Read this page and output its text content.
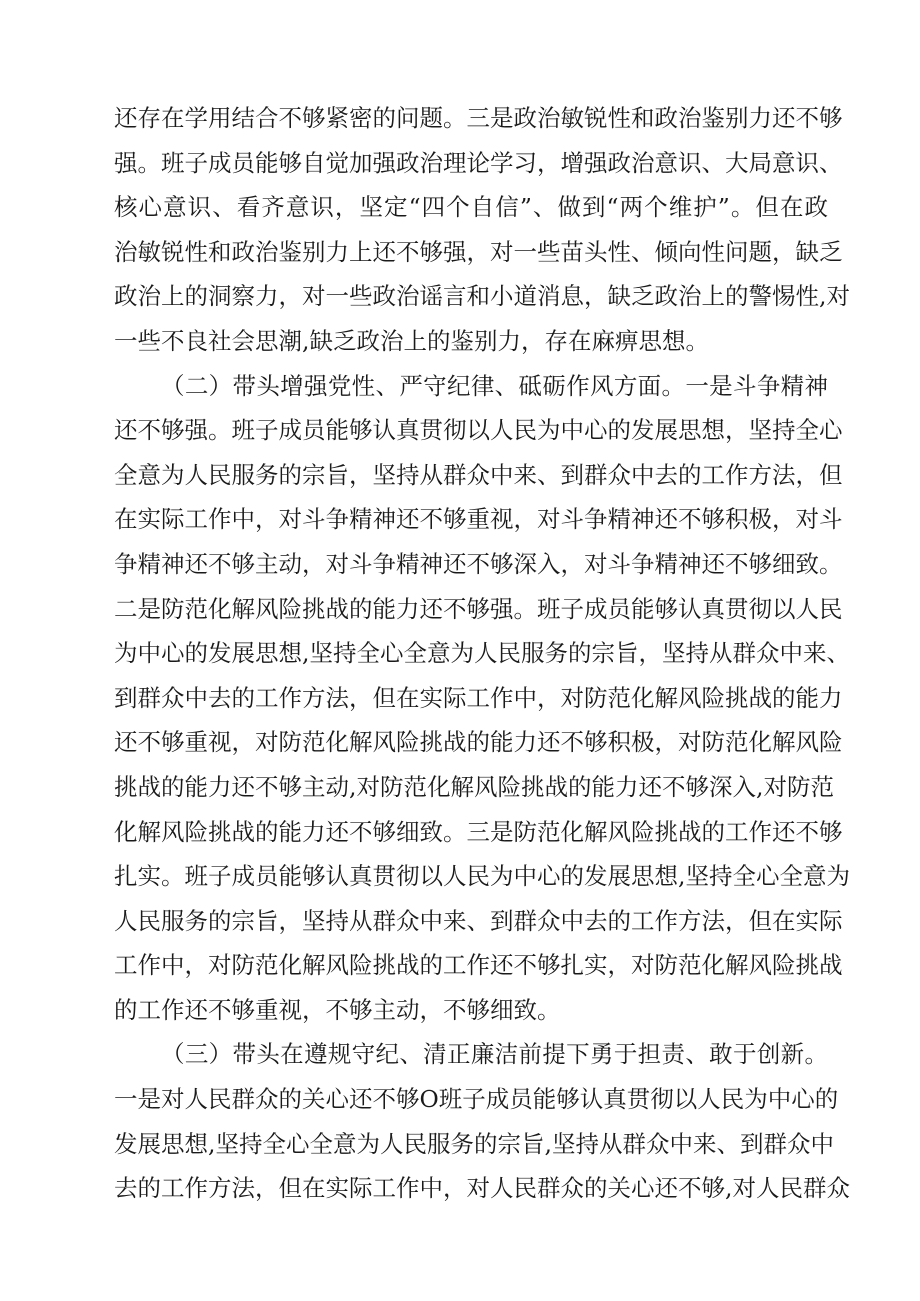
还存在学用结合不够紧密的问题。三是政治敏锐性和政治鉴别力还不够
强。班子成员能够自觉加强政治理论学习，增强政治意识、大局意识、
核心意识、看齐意识，坚定“四个自信”、做到“两个维护”。但在政
治敏锐性和政治鉴别力上还不够强，对一些苗头性、倾向性问题，缺乏
政治上的洞察力，对一些政治谣言和小道消息，缺乏政治上的警惕性,对
一些不良社会思潮,缺乏政治上的鉴别力，存在麻痹思想。
（二）带头增强党性、严守纪律、砥砺作风方面。一是斗争精神
还不够强。班子成员能够认真贯彻以人民为中心的发展思想，坚持全心
全意为人民服务的宗旨，坚持从群众中来、到群众中去的工作方法，但
在实际工作中，对斗争精神还不够重视，对斗争精神还不够积极，对斗
争精神还不够主动，对斗争精神还不够深入，对斗争精神还不够细致。
二是防范化解风险挑战的能力还不够强。班子成员能够认真贯彻以人民
为中心的发展思想,坚持全心全意为人民服务的宗旨，坚持从群众中来、
到群众中去的工作方法，但在实际工作中，对防范化解风险挑战的能力
还不够重视，对防范化解风险挑战的能力还不够积极，对防范化解风险
挑战的能力还不够主动,对防范化解风险挑战的能力还不够深入,对防范
化解风险挑战的能力还不够细致。三是防范化解风险挑战的工作还不够
扎实。班子成员能够认真贯彻以人民为中心的发展思想,坚持全心全意为
人民服务的宗旨，坚持从群众中来、到群众中去的工作方法，但在实际
工作中，对防范化解风险挑战的工作还不够扎实，对防范化解风险挑战
的工作还不够重视，不够主动，不够细致。
（三）带头在遵规守纪、清正廉洁前提下勇于担责、敢于创新。
一是对人民群众的关心还不够O班子成员能够认真贯彻以人民为中心的
发展思想,坚持全心全意为人民服务的宗旨,坚持从群众中来、到群众中
去的工作方法，但在实际工作中，对人民群众的关心还不够,对人民群众
